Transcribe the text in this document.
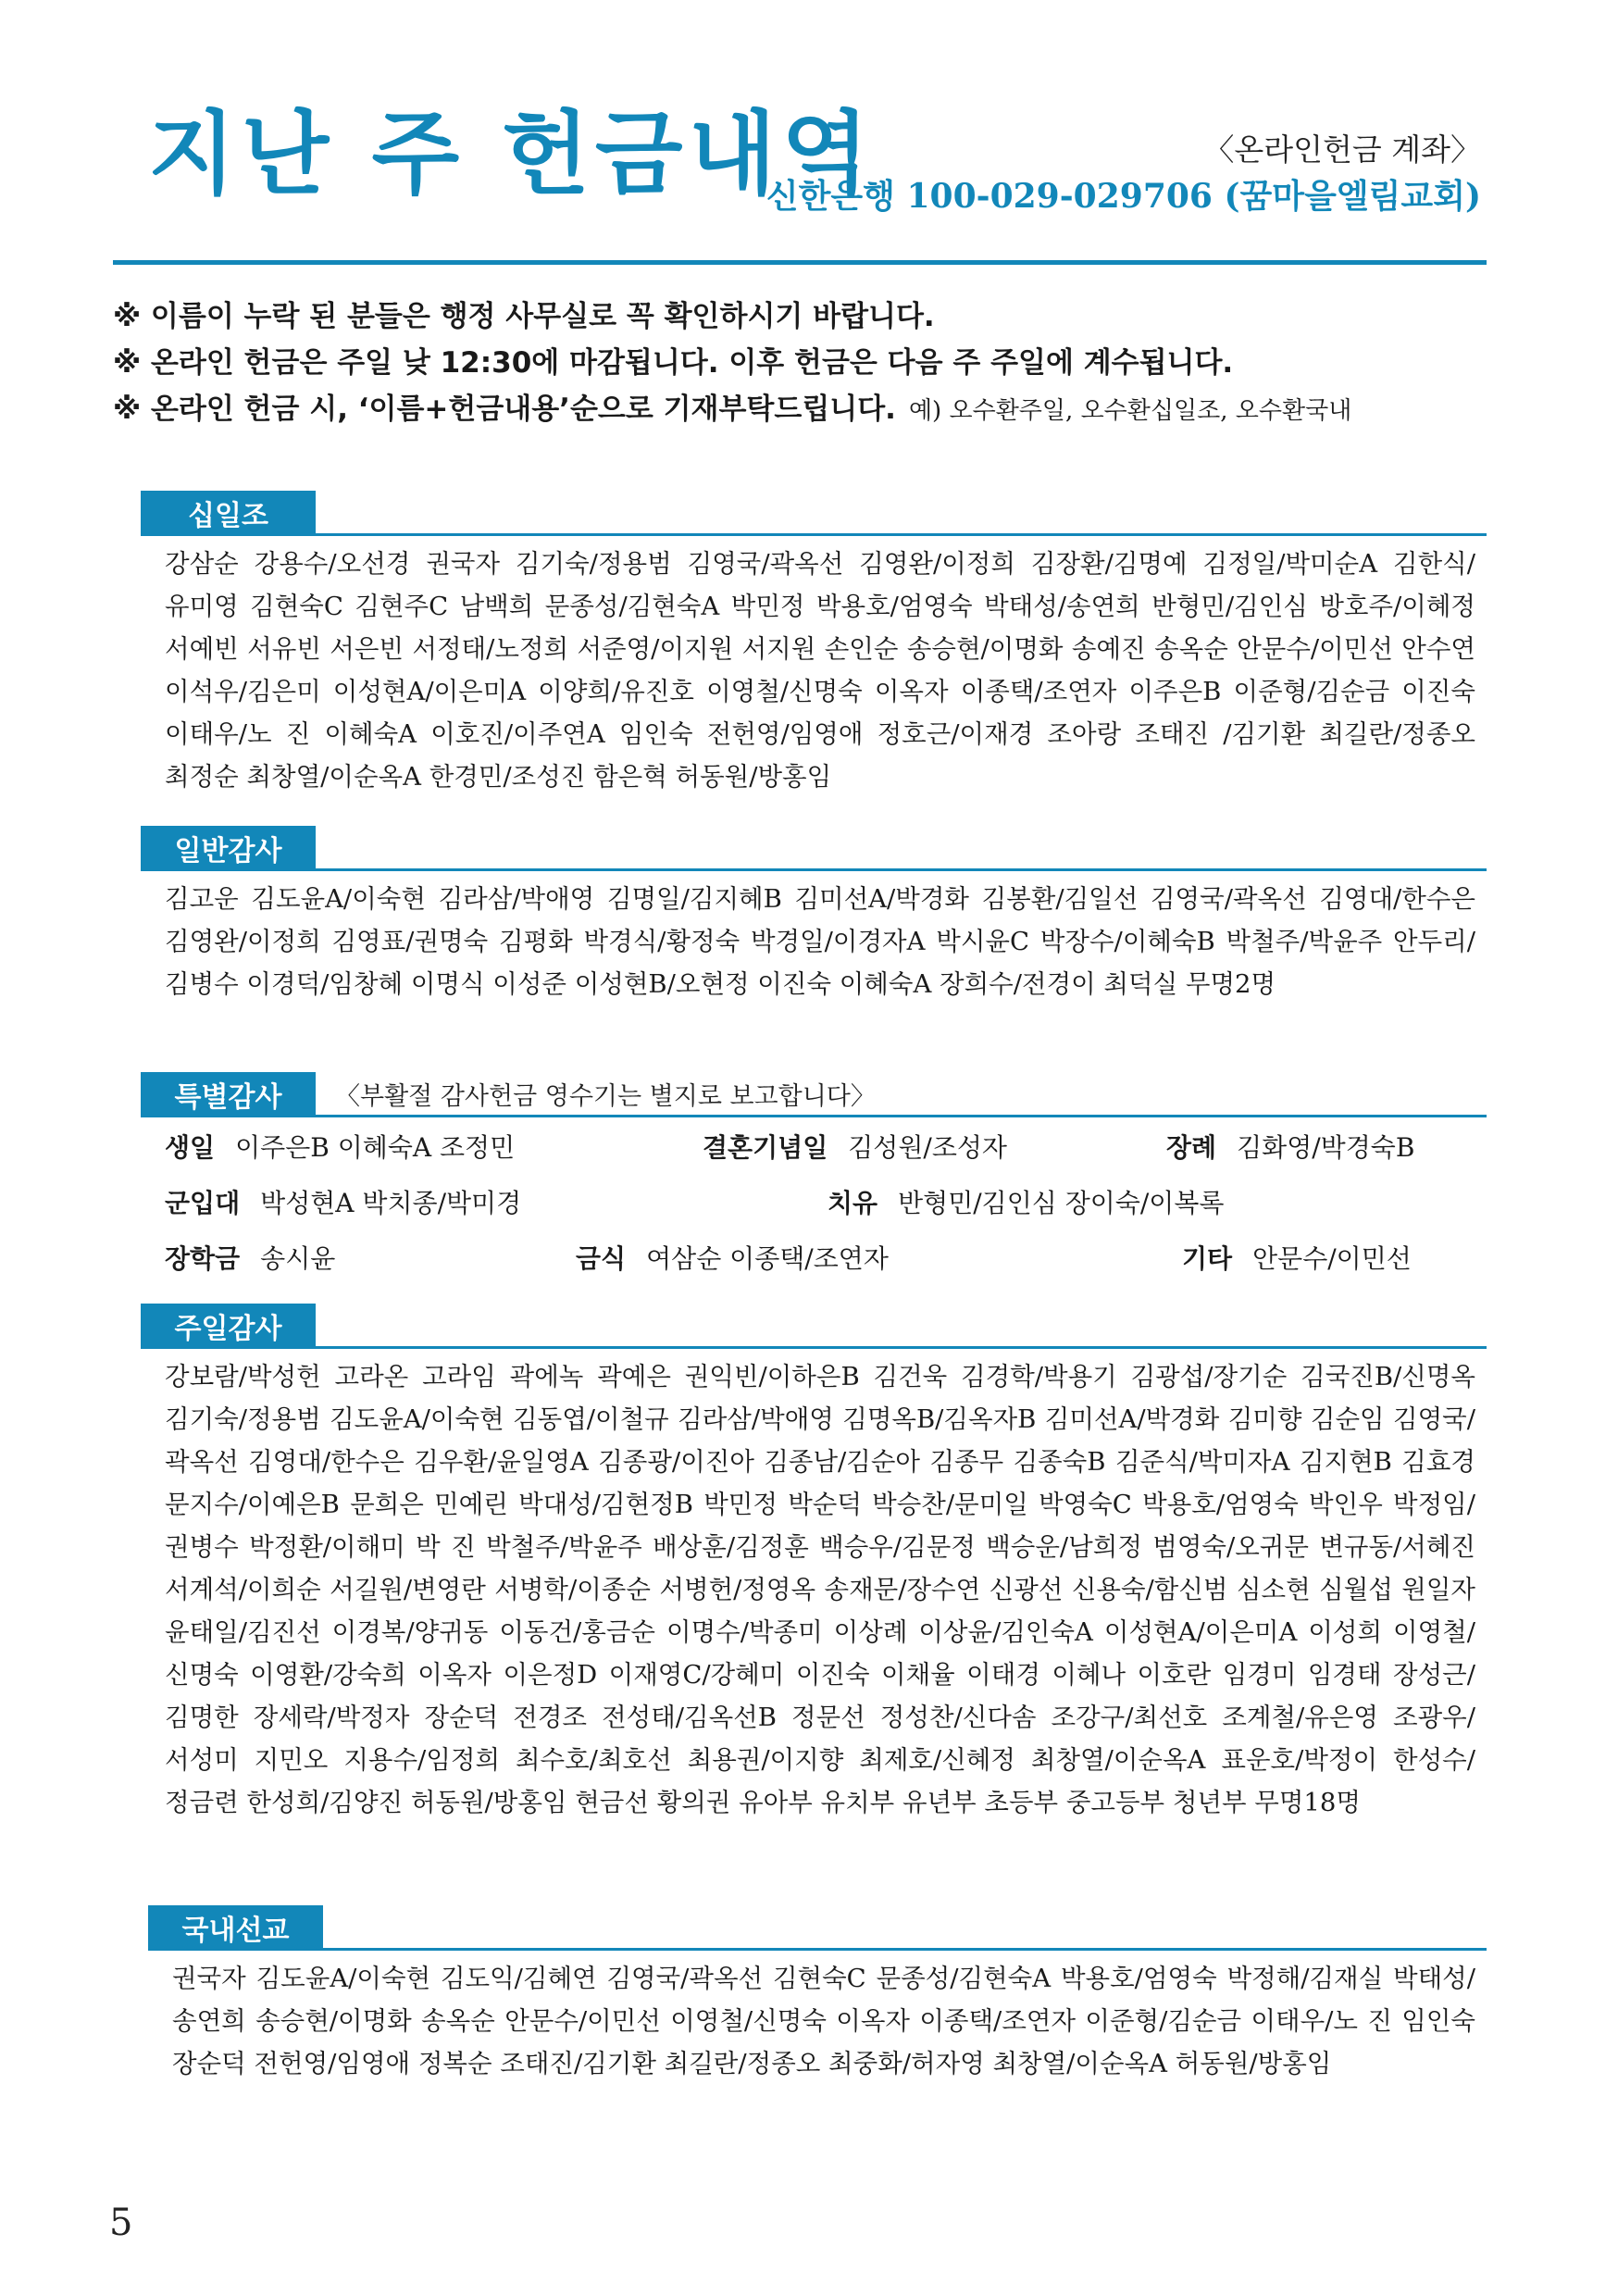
지난 주 헌금내역	〈온라인헌금 계좌〉
신한은행 100-029-029706 (꿈마을엘림교회)
※ 이름이 누락 된 분들은 행정 사무실로 꼭 확인하시기 바랍니다.
※ 온라인 헌금은 주일 낮 12:30에 마감됩니다. 이후 헌금은 다음 주 주일에 계수됩니다.
※ 온라인 헌금 시, ‘이름+헌금내용’순으로 기재부탁드립니다. 예) 오수환주일, 오수환십일조, 오수환국내
십일조
강삼순 강용수/오선경 권국자 김기숙/정용범 김영국/곽옥선 김영완/이정희 김장환/김명예 김정일/박미순A 김한식/유미영 김현숙C 김현주C 남백희 문종성/김현숙A 박민정 박용호/엄영숙 박태성/송연희 반형민/김인심 방호주/이혜정 서예빈 서유빈 서은빈 서정태/노정희 서준영/이지원 서지원 손인순 송승현/이명화 송예진 송옥순 안문수/이민선 안수연 이석우/김은미 이성현A/이은미A 이양희/유진호 이영철/신명숙 이옥자 이종택/조연자 이주은B 이준형/김순금 이진숙 이태우/노 진 이혜숙A 이호진/이주연A 임인숙 전헌영/임영애 정호근/이재경 조아랑 조태진 /김기환 최길란/정종오 최정순 최창열/이순옥A 한경민/조성진 함은혁 허동원/방홍임
일반감사
김고운 김도윤A/이숙현 김라삼/박애영 김명일/김지혜B 김미선A/박경화 김봉환/김일선 김영국/곽옥선 김영대/한수은 김영완/이정희 김영표/권명숙 김평화 박경식/황정숙 박경일/이경자A 박시윤C 박장수/이혜숙B 박철주/박윤주 안두리/김병수 이경덕/임창혜 이명식 이성준 이성현B/오현정 이진숙 이혜숙A 장희수/전경이 최덕실 무명2명
특별감사	〈부활절 감사헌금 영수기는 별지로 보고합니다〉
생일 이주은B 이혜숙A 조정민	결혼기념일 김성원/조성자	장례 김화영/박경숙B
군입대 박성현A 박치종/박미경	치유 반형민/김인심 장이숙/이복록
장학금 송시윤	금식 여삼순 이종택/조연자	기타 안문수/이민선
주일감사
강보람/박성헌 고라온 고라임 곽에녹 곽예은 권익빈/이하은B 김건욱 김경학/박용기 김광섭/장기순 김국진B/신명옥 김기숙/정용범 김도윤A/이숙현 김동엽/이철규 김라삼/박애영 김명옥B/김옥자B 김미선A/박경화 김미향 김순임 김영국/곽옥선 김영대/한수은 김우환/윤일영A 김종광/이진아 김종남/김순아 김종무 김종숙B 김준식/박미자A 김지현B 김효경 문지수/이예은B 문희은 민예린 박대성/김현정B 박민정 박순덕 박승찬/문미일 박영숙C 박용호/엄영숙 박인우 박정임/권병수 박정환/이해미 박 진 박철주/박윤주 배상훈/김정훈 백승우/김문정 백승운/남희정 범영숙/오귀문 변규동/서혜진 서계석/이희순 서길원/변영란 서병학/이종순 서병헌/정영옥 송재문/장수연 신광선 신용숙/함신범 심소현 심월섭 원일자 윤태일/김진선 이경복/양귀동 이동건/홍금순 이명수/박종미 이상례 이상윤/김인숙A 이성현A/이은미A 이성희 이영철/신명숙 이영환/강숙희 이옥자 이은정D 이재영C/강혜미 이진숙 이채율 이태경 이혜나 이호란 임경미 임경태 장성근/김명한 장세락/박정자 장순덕 전경조 전성태/김옥선B 정문선 정성찬/신다솜 조강구/최선호 조계철/유은영 조광우/서성미 지민오 지용수/임정희 최수호/최호선 최용권/이지향 최제호/신혜정 최창열/이순옥A 표운호/박정이 한성수/정금련 한성희/김양진 허동원/방홍임 현금선 황의권 유아부 유치부 유년부 초등부 중고등부 청년부 무명18명
국내선교
권국자 김도윤A/이숙현 김도익/김혜연 김영국/곽옥선 김현숙C 문종성/김현숙A 박용호/엄영숙 박정해/김재실 박태성/송연희 송승현/이명화 송옥순 안문수/이민선 이영철/신명숙 이옥자 이종택/조연자 이준형/김순금 이태우/노 진 임인숙 장순덕 전헌영/임영애 정복순 조태진/김기환 최길란/정종오 최중화/허자영 최창열/이순옥A 허동원/방홍임
5
